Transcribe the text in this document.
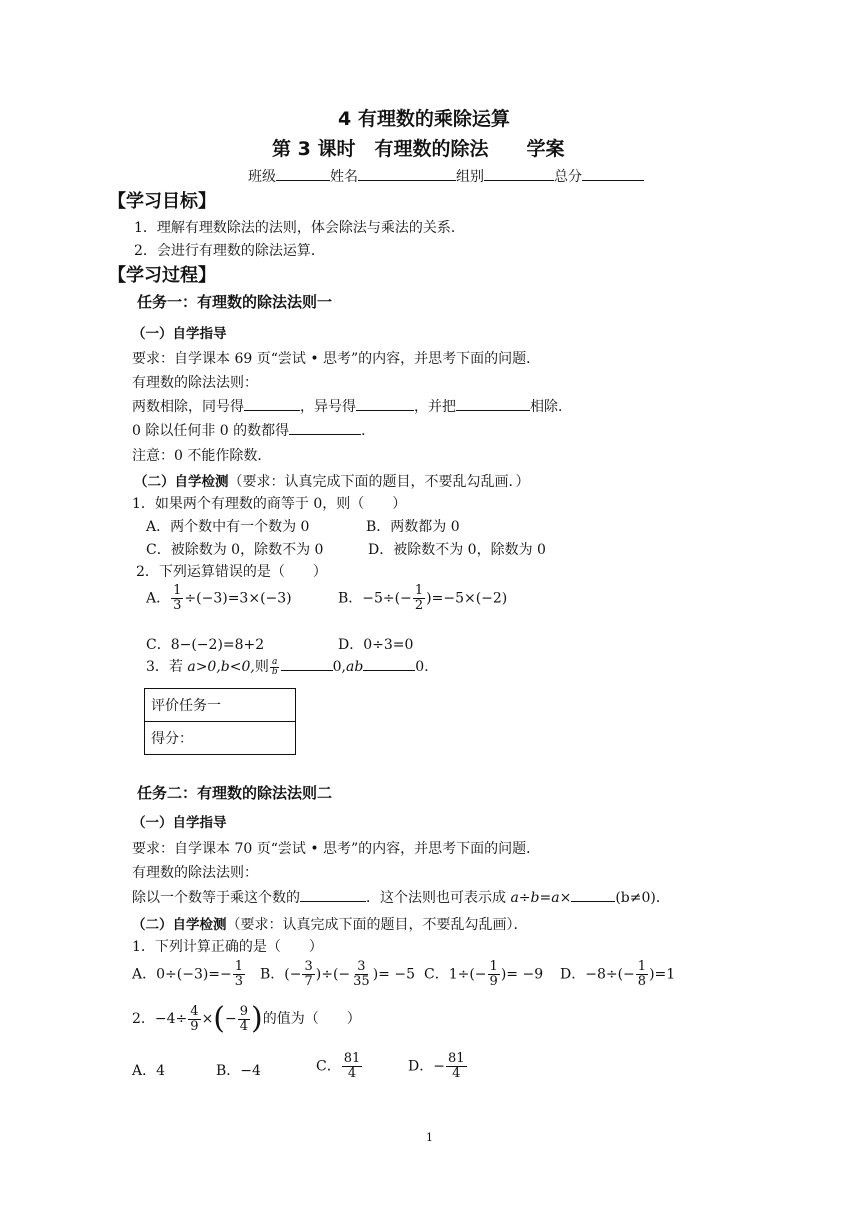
4 有理数的乘除运算
第 3 课时　有理数的除法　　学案
班级	姓名	组别	总分
【学习目标】
1．理解有理数除法的法则，体会除法与乘法的关系．
2．会进行有理数的除法运算．
【学习过程】
任务一：有理数的除法法则一
（一）自学指导
要求：自学课本 69 页“尝试 • 思考”的内容，并思考下面的问题．
有理数的除法法则：
两数相除，同号得	，异号得	，并把	相除．
0 除以任何非 0 的数都得	．
注意：0 不能作除数．
（二）自学检测（要求：认真完成下面的题目，不要乱勾乱画．）
1．如果两个有理数的商等于 0，则（　　）
A．两个数中有一个数为 0	B．两数都为 0
C．被除数为 0，除数不为 0	D．被除数不为 0，除数为 0
2．下列运算错误的是（　　）
A． $\frac{1}{3} \div(-3)=3\times(-3)$	B．$-5\div(- \frac{1}{2} )=-5\times(-2)$
C．8−(−2)=8+2	D．0÷3=0
3．若 a>0,b<0,则 $\frac{a}{b}$	0,ab	0．
评价任务一
得分：
任务二：有理数的除法法则二
（一）自学指导
要求：自学课本 70 页“尝试 • 思考”的内容，并思考下面的问题．
有理数的除法法则：
除以一个数等于乘这个数的	．这个法则也可表示成 a÷b=a×	(b≠0)．
（二）自学检测（要求：认真完成下面的题目，不要乱勾乱画）．
1．下列计算正确的是（　　）
A．$0\div(-3)=- \frac{1}{3}$ B．(− $\frac{3}{7}$ )÷(− $\frac{3}{35}$ )= −5 C．$1\div(- \frac{1}{9}$ )= −9 D．$-8\div(- \frac{1}{8} )=1$
2．$-4\div \frac{4}{9}$ ×(− $\frac{9}{4}$ )的值为（　　）
A．4	B．−4	C． $\frac{81}{4}$	D．− $\frac{81}{4}$
1
